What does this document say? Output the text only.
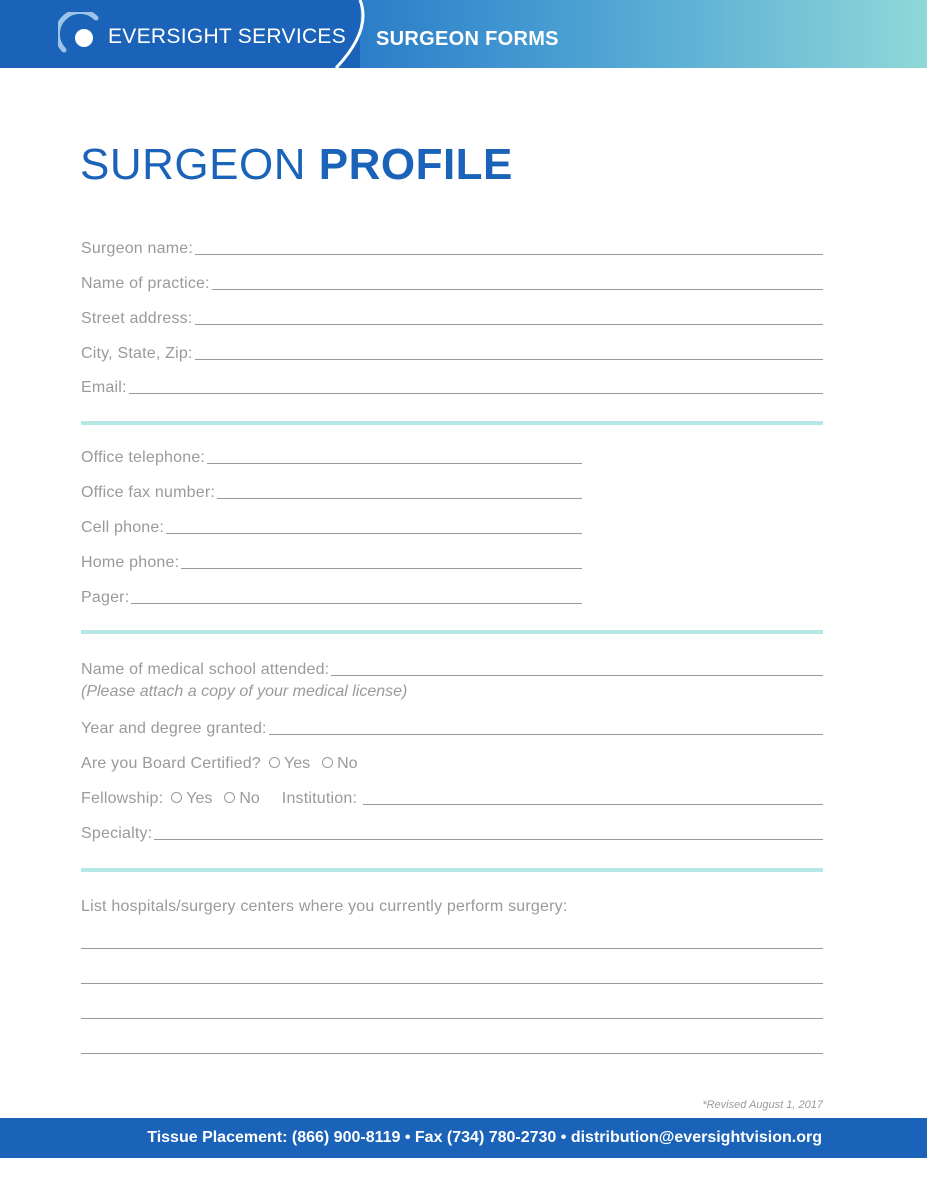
EVERSIGHT SERVICES SURGEON FORMS
SURGEON PROFILE
Surgeon name:
Name of practice:
Street address:
City, State, Zip:
Email:
Office telephone:
Office fax number:
Cell phone:
Home phone:
Pager:
Name of medical school attended:
(Please attach a copy of your medical license)
Year and degree granted:
Are you Board Certified? Yes No
Fellowship: Yes No Institution:
Specialty:
List hospitals/surgery centers where you currently perform surgery:
*Revised August 1, 2017
Tissue Placement: (866) 900-8119 • Fax (734) 780-2730 • distribution@eversightvision.org
